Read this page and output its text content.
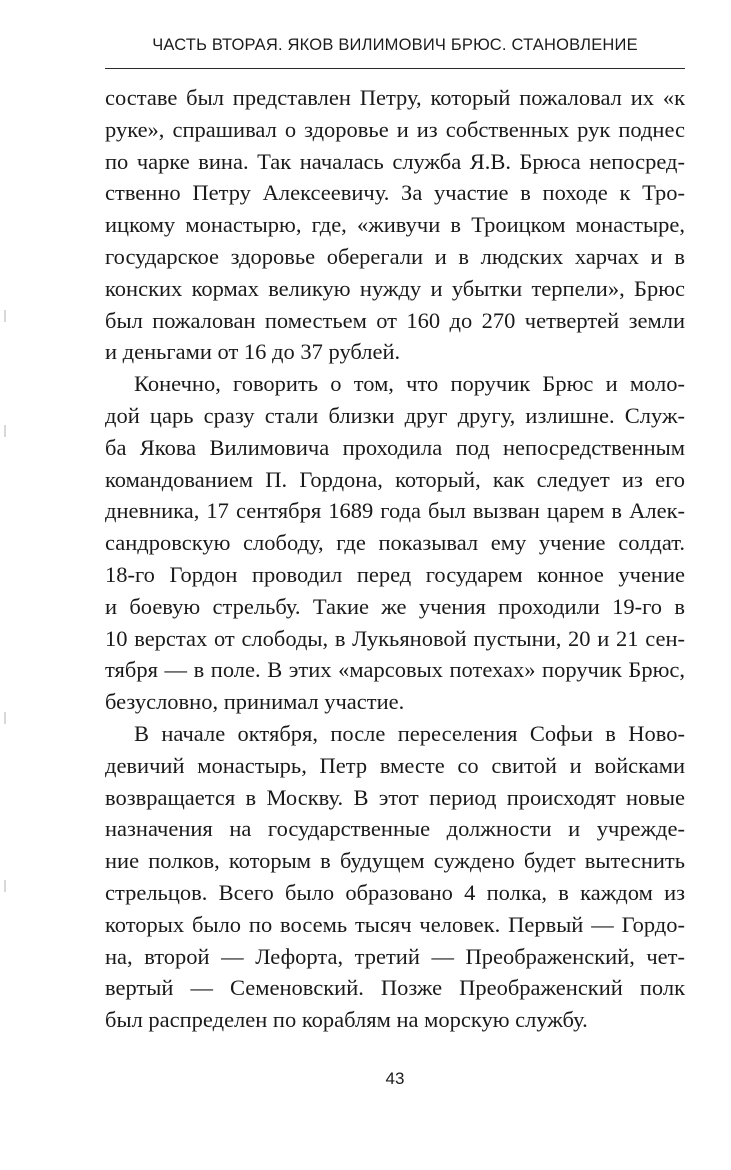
ЧАСТЬ ВТОРАЯ. ЯКОВ ВИЛИМОВИЧ БРЮС. СТАНОВЛЕНИЕ

составе был представлен Петру, который пожаловал их «к
руке», спрашивал о здоровье и из собственных рук поднес
по чарке вина. Так началась служба Я.В. Брюса непосред-
ственно Петру Алексеевичу. За участие в походе к Тро-
ицкому монастырю, где, «живучи в Троицком монастыре,
государское здоровье оберегали и в людских харчах и в
конских кормах великую нужду и убытки терпели», Брюс
был пожалован поместьем от 160 до 270 четвертей земли
и деньгами от 16 до 37 рублей.

Конечно, говорить о том, что поручик Брюс и моло-
дой царь сразу стали близки друг другу, излишне. Служ-
ба Якова Вилимовича проходила под непосредственным
командованием П. Гордона, который, как следует из его
дневника, 17 сентября 1689 года был вызван царем в Алек-
сандровскую слободу, где показывал ему учение солдат.
18-го Гордон проводил перед государем конное учение
и боевую стрельбу. Такие же учения проходили 19-го в
10 верстах от слободы, в Лукьяновой пустыни, 20 и 21 сен-
тября — в поле. В этих «марсовых потехах» поручик Брюс,
безусловно, принимал участие.

В начале октября, после переселения Софьи в Ново-
девичий монастырь, Петр вместе со свитой и войсками
возвращается в Москву. В этот период происходят новые
назначения на государственные должности и учрежде-
ние полков, которым в будущем суждено будет вытеснить
стрельцов. Всего было образовано 4 полка, в каждом из
которых было по восемь тысяч человек. Первый — Гордо-
на, второй — Лефорта, третий — Преображенский, чет-
вертый — Семеновский. Позже Преображенский полк
был распределен по кораблям на морскую службу.

43
